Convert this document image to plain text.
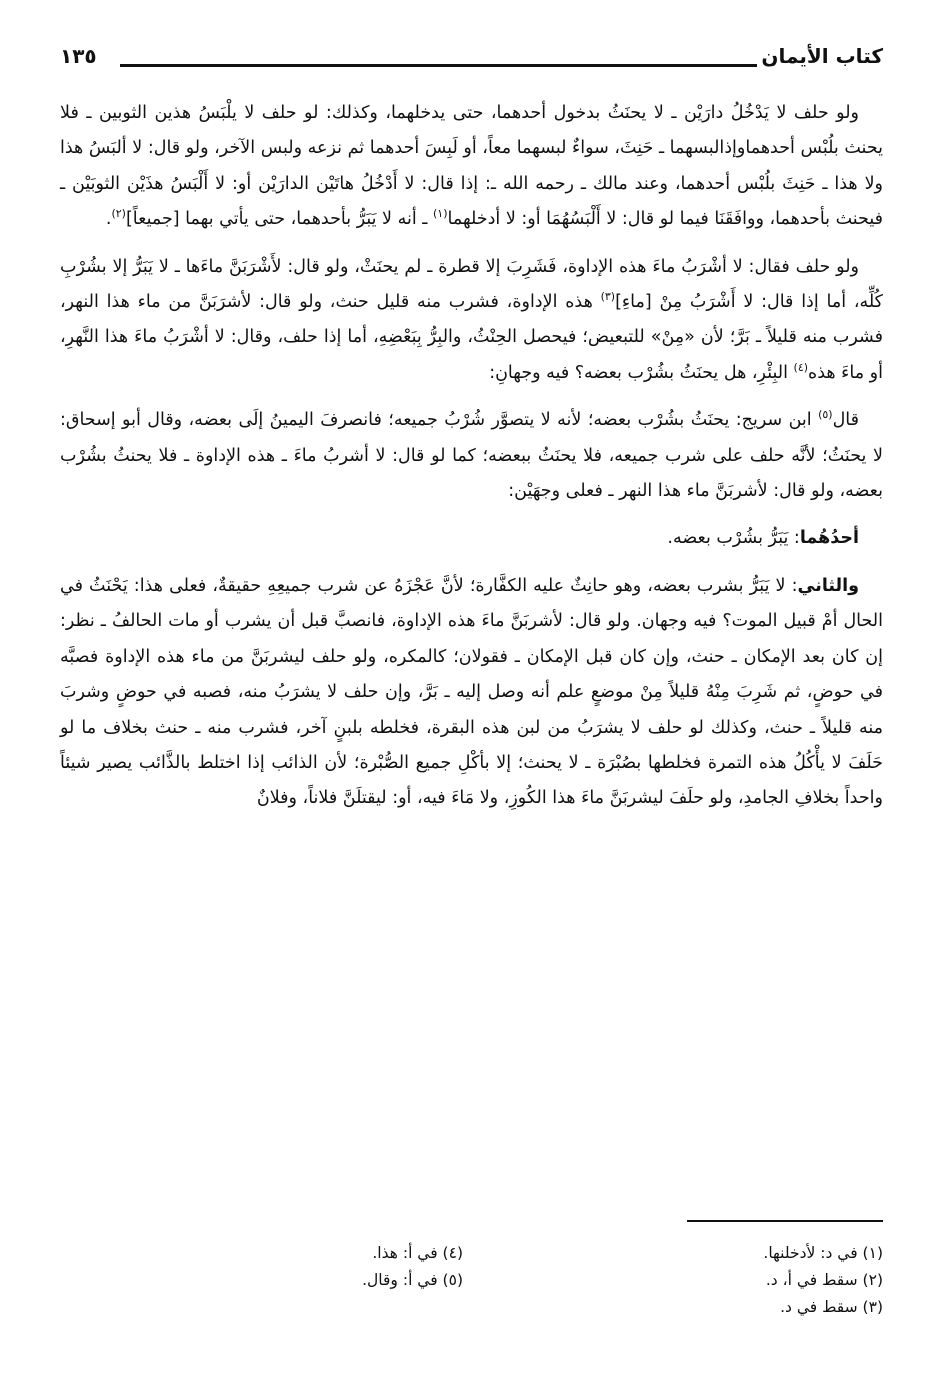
كتاب الأيمان
١٣٥

ولو حلف لا يَدْخُلُ دارَيْن ـ لا يحنَثُ بدخول أحدهما، حتى يدخلهما، وكذلك: لو حلف لا يلْبَسُ هذين الثوبين ـ فلا يحنث بلُبْس أحدهماوإذالبسهما ـ حَنِثَ، سواءٌ لبسهما معاً، أو لَبِسَ أحدهما ثم نزعه ولبس الآخر، ولو قال: لا ألبَسُ هذا ولا هذا ـ حَنِثَ بلُبْس أحدهما، وعند مالك ـ رحمه الله ـ: إذا قال: لا أَدْخُلُ هاتَيْن الدارَيْن أو: لا أَلْبَسُ هذَيْن الثوبَيْن ـ فيحنث بأحدهما، ووافَقَنَا فيما لو قال: لا أَلْبَسُهُمَا أو: لا أدخلهما$^{(١)}$ ـ أنه لا يَبَرُّ بأحدهما، حتى يأتي بهما [جميعاً]$^{(٢)}$.

ولو حلف فقال: لا أشْرَبُ ماءَ هذه الإداوة، فَشَرِبَ إلا قطرة ـ لم يحنَثْ، ولو قال: لأَشْرَبَنَّ ماءَها ـ لا يَبَرُّ إلا بشُرْبِ كُلِّه، أما إذا قال: لا أَشْرَبُ مِنْ [ماءِ]$^{(٣)}$ هذه الإداوة، فشرب منه قليل حنث، ولو قال: لأشرَبَنَّ من ماء هذا النهر، فشرب منه قليلاً ـ بَرَّ؛ لأن «مِنْ» للتبعيض؛ فيحصل الحِنْثُ، والبِرُّ بِبَعْضِهِ، أما إذا حلف، وقال: لا أشْرَبُ ماءَ هذا النَّهرِ، أو ماءَ هذه$^{(٤)}$ البِئْرِ، هل يحنَثُ بشُرْب بعضه؟ فيه وجهانِ:

قال$^{(٥)}$ ابن سريج: يحنَثُ بشُرْب بعضه؛ لأنه لا يتصوَّر شُرْبُ جميعه؛ فانصرفَ اليمينُ إلَى بعضه، وقال أبو إسحاق: لا يحنَثُ؛ لأنَّه حلف على شرب جميعه، فلا يحنَثُ ببعضه؛ كما لو قال: لا أشربُ ماءَ ـ هذه الإداوة ـ فلا يحنثُ بشُرْب بعضه، ولو قال: لأشربَنَّ ماء هذا النهر ـ فعلى وجهَيْن:

أحدُهُما: يَبَرُّ بشُرْب بعضه.

والثاني: لا يَبَرُّ بشرب بعضه، وهو حانِثٌ عليه الكفَّارة؛ لأنَّ عَجْزَهُ عن شرب جميعِهِ حقيقةٌ، فعلى هذا: يَحْنَثُ في الحال أمْ قبيل الموت؟ فيه وجهان. ولو قال: لأشربَنَّ ماءَ هذه الإداوة، فانصبَّ قبل أن يشرب أو مات الحالفُ ـ نظر: إن كان بعد الإمكان ـ حنث، وإن كان قبل الإمكان ـ فقولان؛ كالمكره، ولو حلف ليشربَنَّ من ماء هذه الإداوة فصبَّه في حوضٍ، ثم شَرِبَ مِنْهُ قليلاً مِنْ موضعٍ علم أنه وصل إليه ـ بَرَّ، وإن حلف لا يشرَبُ منه، فصبه في حوضٍ وشربَ منه قليلاً ـ حنث، وكذلك لو حلف لا يشرَبُ من لبن هذه البقرة، فخلطه بلبنٍ آخر، فشرب منه ـ حنث بخلاف ما لو حَلَفَ لا يأْكُلُ هذه التمرة فخلطها بصُبْرَة ـ لا يحنث؛ إلا بأكْلِ جميع الصُّبْرة؛ لأن الذائب إذا اختلط بالذَّائب يصير شيئاً واحداً بخلافِ الجامدِ، ولو حلَفَ ليشربَنَّ ماءَ هذا الكُوزِ، ولا مَاءَ فيه، أو: ليقتلَنَّ فلاناً، وفلانٌ

(١) في د: لأدخلنها.
(٢) سقط في أ، د.
(٣) سقط في د.
(٤) في أ: هذا.
(٥) في أ: وقال.
